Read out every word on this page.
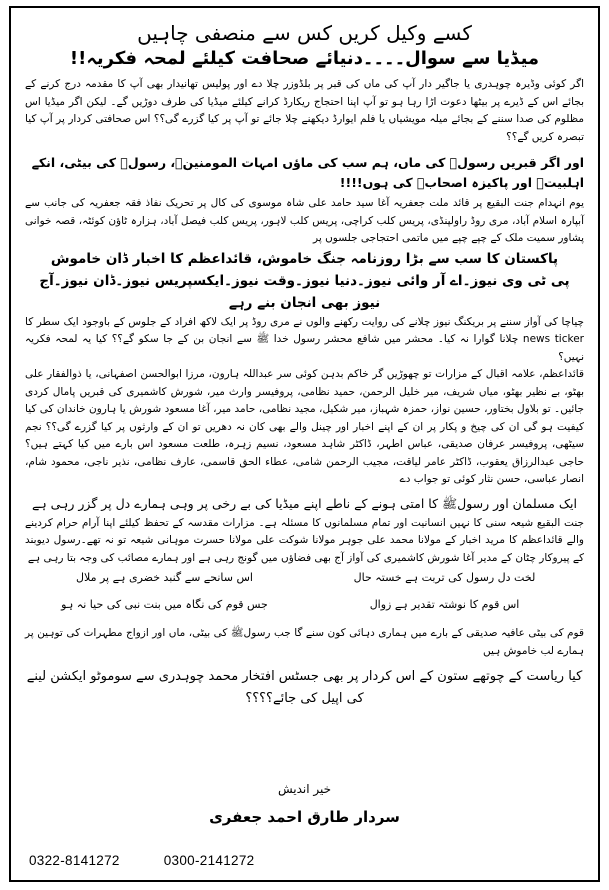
کسے وکیل کریں کس سے منصفی چاہیں
میڈیا سے سوال۔۔۔۔دنیائے صحافت کیلئے لمحہ فکریہ!!

اگر کوئی وڈیرہ چوہدری یا جاگیر دار آپ کی ماں کی قبر پر بلڈوزر چلا دے اور پولیس تھانیدار بھی آپ کا مقدمہ درج کرنے کے بجائے اس کے ڈیرے پر بیٹھا دعوت اڑا رہا ہو تو آپ اپنا احتجاج ریکارڈ کرانے کیلئے میڈیا کی طرف دوڑیں گے۔ لیکن اگر میڈیا اس مظلوم کی صدا سننے کے بجائے میلہ مویشیاں یا فلم ایوارڈ دیکھنے چلا جائے تو آپ پر کیا گزرے گی؟؟ اس صحافتی کردار پر آپ کیا تبصرہ کریں گے؟؟

اور اگر قبریں رسولﷺ کی ماں، ہم سب کی ماؤں امہات المومنینؓ، رسولﷺ کی بیٹی، انکے اہلبیتؑ اور پاکیزہ اصحابؓ کی ہوں!!!!

یوم انہدام جنت البقیع پر قائد ملت جعفریہ آغا سید حامد علی شاہ موسوی کی کال پر تحریک نفاذ فقہ جعفریہ کی جانب سے آبپارہ اسلام آباد، مری روڈ راولپنڈی، پریس کلب کراچی، پریس کلب لاہور، پریس کلب فیصل آباد، ہزارہ ٹاؤن کوئٹہ، قصہ خوانی پشاور سمیت ملک کے چپے چپے میں ماتمی احتجاجی جلسوں پر

پاکستان کا سب سے بڑا روزنامہ جنگ خاموش، قائداعظم کا اخبار ڈان خاموش
پی ٹی وی نیوز۔اے آر وائی نیوز۔دنیا نیوز۔وقت نیوز۔ایکسپریس نیوز۔ڈان نیوز۔آج نیوز بھی انجان بنے رہے

چیاچا کی آواز سننے پر بریکنگ نیوز چلانے کی روایت رکھنے والوں نے مری روڈ پر ایک لاکھ افراد کے جلوس کے باوجود ایک سطر کا news ticker چلانا گوارا نہ کیا۔ محشر میں شافع محشر رسول خدا ﷺ سے انجان بن کے جا سکو گے؟؟ کیا یہ لمحہ فکریہ نہیں؟

قائداعظم، علامہ اقبال کے مزارات تو چھوڑیں گر خاکم بدہن کوئی سر عبداللہ ہارون، مرزا ابوالحسن اصفہانی، یا ذوالفقار علی بھٹو، بے نظیر بھٹو، میاں شریف، میر خلیل الرحمن، حمید نظامی، پروفیسر وارث میر، شورش کاشمیری کی قبریں پامال کردی جائیں۔ تو بلاول بختاور، حسین نواز، حمزہ شہباز، میر شکیل، مجید نظامی، حامد میر، آغا مسعود شورش یا ہارون خاندان کی کیا کیفیت ہو گی ان کی چیخ و پکار پر ان کے اپنے اخبار اور چینل والے بھی کان نہ دھریں تو ان کے وارثوں پر کیا گزرے گی؟؟ نجم سیٹھی، پروفیسر عرفان صدیقی، عباس اطہر، ڈاکٹر شاہد مسعود، نسیم زہرہ، طلعت مسعود اس بارے میں کیا کہتے ہیں؟ حاجی عبدالرزاق یعقوب، ڈاکٹر عامر لیاقت، مجیب الرحمن شامی، عطاء الحق قاسمی، عارف نظامی، نذیر ناجی، محمود شام، انصار عباسی، حسن نثار کوئی تو جواب دے

ایک مسلمان اور رسولﷺ کا امتی ہونے کے ناطے اپنے میڈیا کی بے رخی پر وہی ہمارے دل پر گزر رہی ہے

جنت البقیع شیعہ سنی کا نہیں انسانیت اور تمام مسلمانوں کا مسئلہ ہے۔ مزارات مقدسہ کے تحفظ کیلئے اپنا آرام حرام کردینے والے قائداعظم کا مرید اخبار کے مولانا محمد علی جوہر مولانا شوکت علی مولانا حسرت موہانی شیعہ تو نہ تھے۔رسول دیوبند کے پیروکار چٹان کے مدیر آغا شورش کاشمیری کی آواز آج بھی فضاؤں میں گونج رہی ہے اور ہمارے مصائب کی وجہ بتا رہی ہے

لخت دل رسول کی تربت ہے خستہ حال
اس سانحے سے گنبد خضری ہے پر ملال
اس قوم کا نوشتہ تقدیر ہے زوال
جس قوم کی نگاہ میں بنت نبی کی حیا نہ ہو

قوم کی بیٹی عافیہ صدیقی کے بارے میں ہماری دہائی کون سنے گا جب رسولﷺ کی بیٹی، ماں اور ازواج مطہرات کی توہین پر ہمارے لب خاموش ہیں

کیا ریاست کے چوتھے ستون کے اس کردار پر بھی جسٹس افتخار محمد چوہدری سے سوموٹو ایکشن لینے کی اپیل کی جائے؟؟؟؟
خیر اندیش
سردار طارق احمد جعفری
0322-8141272	0300-2141272
